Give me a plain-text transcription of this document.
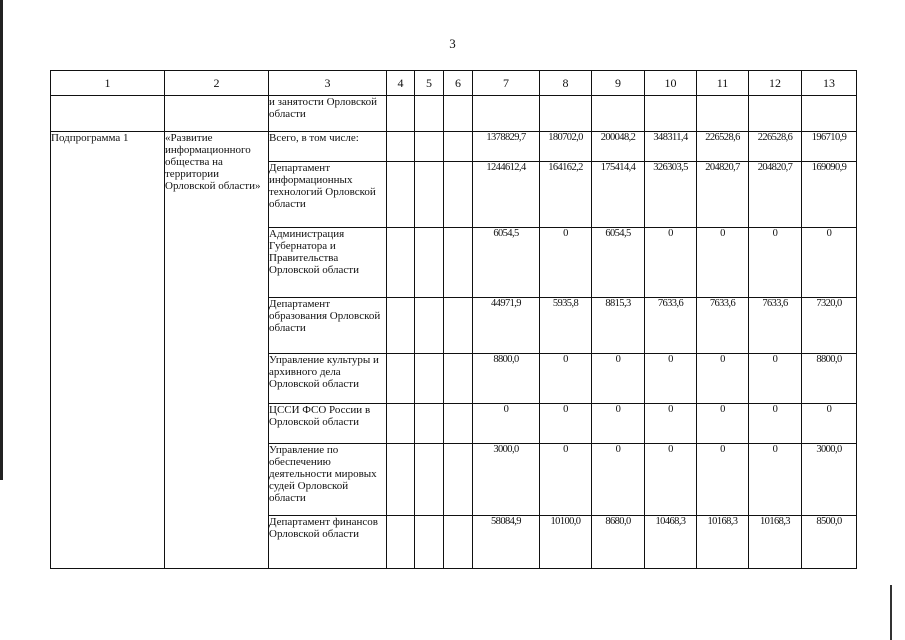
3
1	2	3	4	5	6	7	8	9	10	11	12	13
		и занятости Орловской области										
Подпрограмма 1	«Развитие информационного общества на территории Орловской области»	Всего, в том числе:				1378829,7	180702,0	200048,2	348311,4	226528,6	226528,6	196710,9
		Департамент информационных технологий Орловской области				1244612,4	164162,2	175414,4	326303,5	204820,7	204820,7	169090,9
		Администрация Губернатора и Правительства Орловской области				6054,5	0	6054,5	0	0	0	0
		Департамент образования Орловской области				44971,9	5935,8	8815,3	7633,6	7633,6	7633,6	7320,0
		Управление культуры и архивного дела Орловской области				8800,0	0	0	0	0	0	8800,0
		ЦССИ ФСО России в Орловской области				0	0	0	0	0	0	0
		Управление по обеспечению деятельности мировых судей Орловской области				3000,0	0	0	0	0	0	3000,0
		Департамент финансов Орловской области				58084,9	10100,0	8680,0	10468,3	10168,3	10168,3	8500,0
